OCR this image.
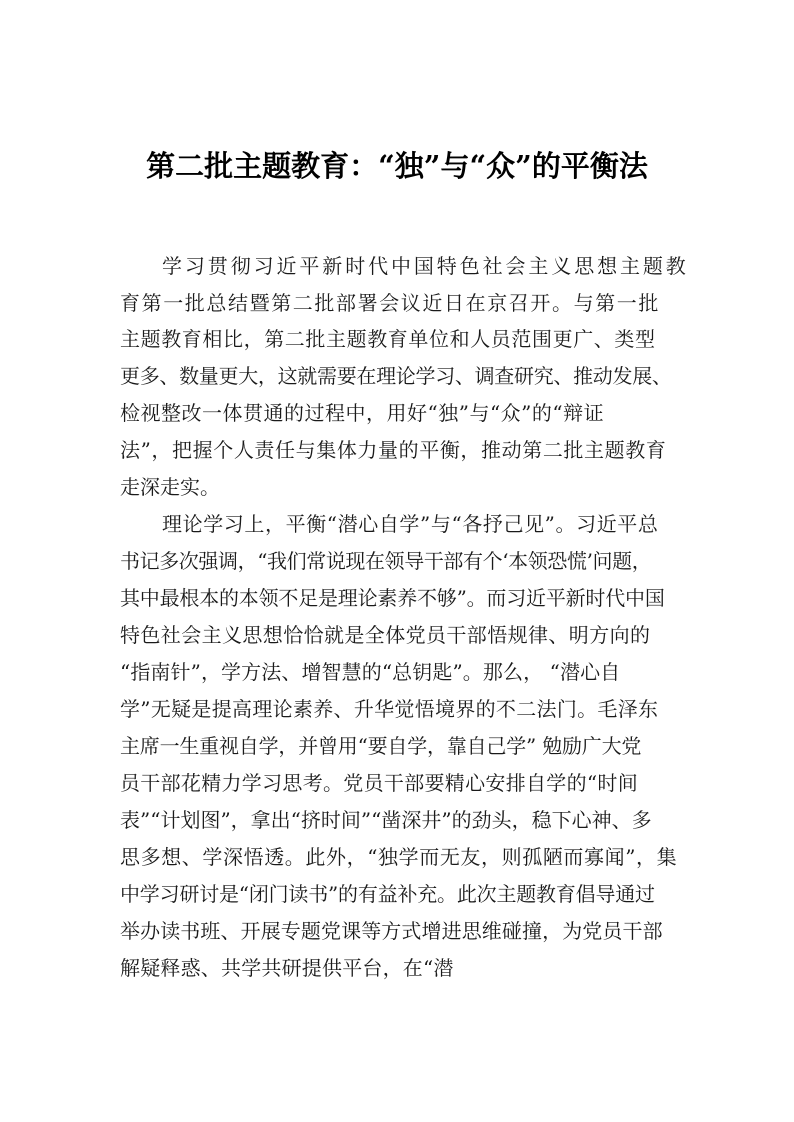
第二批主题教育：“独”与“众”的平衡法
学习贯彻习近平新时代中国特色社会主义思想主题教
育第一批总结暨第二批部署会议近日在京召开。与第一批
主题教育相比，第二批主题教育单位和人员范围更广、类型
更多、数量更大，这就需要在理论学习、调查研究、推动发展、
检视整改一体贯通的过程中，用好“独”与“众”的“辩证
法”，把握个人责任与集体力量的平衡，推动第二批主题教育
走深走实。
理论学习上，平衡“潜心自学”与“各抒己见”。习近平总
书记多次强调，“我们常说现在领导干部有个‘本领恐慌’问题，
其中最根本的本领不足是理论素养不够”。而习近平新时代中国
特色社会主义思想恰恰就是全体党员干部悟规律、明方向的
“指南针”，学方法、增智慧的“总钥匙”。那么， “潜心自
学”无疑是提高理论素养、升华觉悟境界的不二法门。毛泽东
主席一生重视自学，并曾用“要自学，靠自己学” 勉励广大党
员干部花精力学习思考。党员干部要精心安排自学的“时间
表”“计划图”，拿出“挤时间”“凿深井”的劲头，稳下心神、多
思多想、学深悟透。此外，“独学而无友，则孤陋而寡闻”，集
中学习研讨是“闭门读书”的有益补充。此次主题教育倡导通过
举办读书班、开展专题党课等方式增进思维碰撞，为党员干部
解疑释惑、共学共研提供平台，在“潜
